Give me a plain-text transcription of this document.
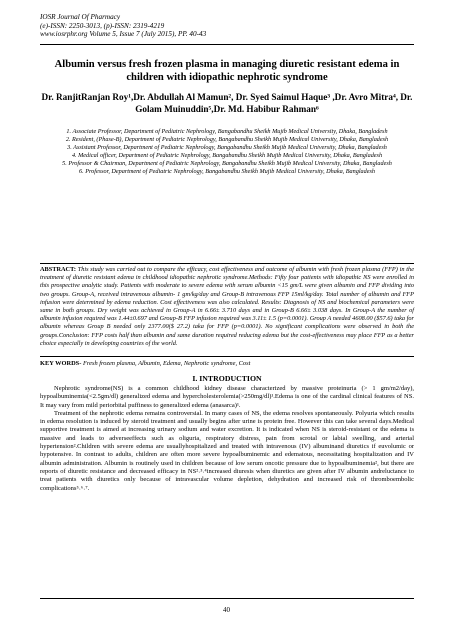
IOSR Journal Of Pharmacy
(e)-ISSN: 2250-3013, (p)-ISSN: 2319-4219
www.iosrphr.org Volume 5, Issue 7 (July 2015), PP. 40-43
Albumin versus fresh frozen plasma in managing diuretic resistant edema in children with idiopathic nephrotic syndrome
Dr. RanjitRanjan Roy¹,Dr. Abdullah Al Mamun², Dr. Syed Saimul Haque³ ,Dr. Avro Mitra⁴, Dr. Golam Muinuddin⁵,Dr. Md. Habibur Rahman⁶
1. Associate Professor, Department of Pediatric Nephrology, Bangabandhu Sheikh Mujib Medical University, Dhaka, Bangladesh
2. Resident, (Phase-B), Department of Pediatric Nephrology, Bangabandhu Sheikh Mujib Medical University, Dhaka, Bangladesh
3. Assistant Professor, Department of Pediatric Nephrology, Bangabandhu Sheikh Mujib Medical University, Dhaka, Bangladesh
4. Medical officer, Department of Pediatric Nephrology, Bangabandhu Sheikh Mujib Medical University, Dhaka, Bangladesh
5. Professor & Chairman, Department of Pediatric Nephrology, Bangabandhu Sheikh Mujib Medical University, Dhaka, Bangladesh
6. Professor, Department of Pediatric Nephrology, Bangabandhu Sheikh Mujib Medical University, Dhaka, Bangladesh
ABSTRACT: This study was carried out to compare the efficacy, cost effectiveness and outcome of albumin with fresh frozen plasma (FFP) in the treatment of diuretic resistant edema in childhood idiopathic nephrotic syndrome.Methods: Fifty four patients with idiopathic NS were enrolled in this prospective analytic study. Patients with moderate to severe edema with serum albumin <15 gm/L were given albumin and FFP dividing into two groups. Group-A, received intravenous albumin- 1 gm/kg/day and Group-B intravenous FFP 15ml/kg/day. Total number of albumin and FFP infusion were determined by edema reduction. Cost effectiveness was also calculated. Results: Diagnosis of NS and biochemical parameters were same in both groups. Dry weight was achieved in Group-A in 6.66± 3.710 days and in Group-B 6.66± 3.038 days. In Group-A the number of albumin infusion required was 1.44±0.697 and Group-B FFP infusion required was 3.11± 1.5 (p=0.0001). Group A needed 4608.00 ($57.6) taka for albumin whereas Group B needed only 2377.00($ 27.2) taka for FFP (p=0.0001). No significant complications were observed in both the groups.Conclusion: FFP costs half than albumin and same duration required reducing edema but the cost-effectiveness may place FFP as a better choice especially in developing countries of the world.
KEY WORDS- Fresh frozen plasma, Albumin, Edema, Nephrotic syndrome, Cost
I. INTRODUCTION

Nephrotic syndrome(NS) is a common childhood kidney disease characterized by massive proteinuria (> 1 gm/m2/day), hypoalbuminemia(<2.5gm/dl) generalized edema and hypercholesterolemia(>250mg/dl)¹.Edema is one of the cardinal clinical features of NS. It may vary from mild periorbital puffiness to generalized edema (anasarca)¹.

Treatment of the nephrotic edema remains controversial. In many cases of NS, the edema resolves spontaneously. Polyuria which results in edema resolution is induced by steroid treatment and usually begins after urine is protein free. However this can take several days.Medical supportive treatment is aimed at increasing urinary sodium and water excretion. It is indicated when NS is steroid-resistant or the edema is massive and leads to adverseeffects such as oliguria, respiratory distress, pain from scrotal or labial swelling, and arterial hypertension².Children with severe edema are usuallyhospitalized and treated with intravenous (IV) albuminand diuretics if euvolumic or hypotensive. In contrast to adults, children are often more severe hypoalbuminemic and edematous, necessitating hospitalization and IV albumin administration. Albumin is routinely used in children because of low serum oncotic pressure due to hypoalbuminemia², but there are reports of diuretic resistance and decreased efficacy in NS²˒³˒⁴increased diuresis when diuretics are given after IV albumin andreluctance to treat patients with diuretics only because of intravascular volume depletion, dehydration and increased risk of thromboembolic complications⁵˒⁶˒⁷.

40
